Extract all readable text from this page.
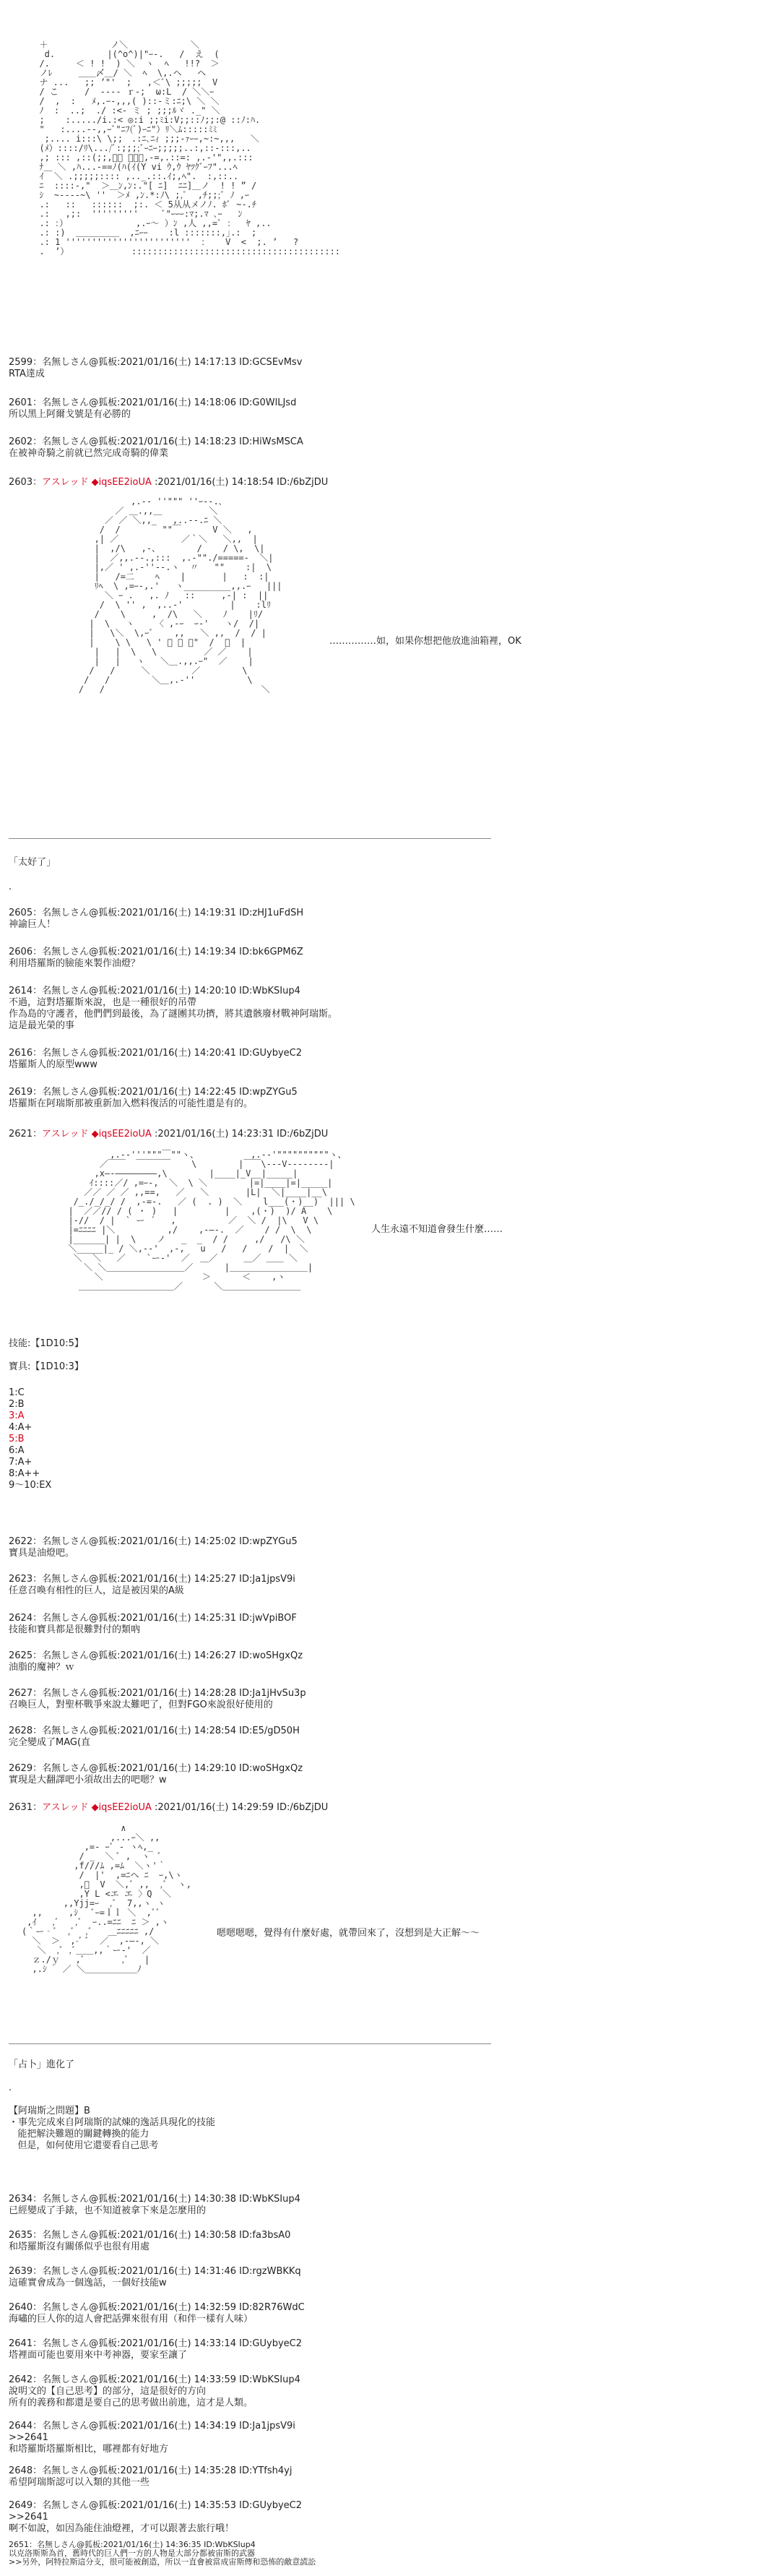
＋            ノ＼            ＼
d.          |(^o^)|"ｰ-.   /  え  (
/.     ＜ ! !  ) ＼  ヽ  ﾍ   !!?  ＞
ノﾚ     ＿＿〆＿/ ＼  ﾍ  \,.ヘ   ヘ
ナ ...   ;; ’"'  ;   ,＜ﾞ\ ;;;;;  V
/ こ     /  ---- ｒ-;  ω:L  / ＼＼ｰ
/  ,  :   ﾒ,.ｰ-,,,( )::-ミ:ﾆ;\ ＼ ＼
ﾉ  :  ..;  ./ :<- ミ ; ;;;ﾙヾ ._" ＼
;    :...../i.:< ◎:i ;;ﾐi:V;;::ﾉ;;:@ ::ﾉ:ﾊ.
"   :....--,,ｰﾞ"ﾆﾌ(ﾞ)ｰﾆ"）ﾘ＼ﾑ:::::ﾐﾐ
;.... i:::\ \;;　.:ﾆ､ﾆｨ ;;;-ｧｰｰ,~:~,,,   ＼
(ﾒ）::::/ﾘ\.../ﾞ:;;;;ﾞｰﾆｰ;;;;;..:,::-:::,..
,; ::: ,::(;;,ﾞﾞ ＿ﾞﾞ,-=,.::=: ,.‐'",,.:::
ﾅ＿ ＼ ,ﾊ...-==ﾉ(ﾊ(ｲ(Y vi ｳ,ｳ ﾔﾂｸﾞｰﾌ"...ﾍ
ｲ  ＼ .;;;;;:::: ,.._.::.ｲ;,ﾍ".  :,::..
ﾆ  ::::-,"  ＞＿ﾝ,ﾝ:."[ ﾆ]  ﾆﾆ]＿ノ  ! ! ” /
ｼ  ~----~\ ''  ＞ﾒ ,ﾝ.*:ﾉ\ ;,ﾟ  ,ﾁ;;;ﾞ ﾉ ,ｰ
.:   ::   ::::::  ;:. ＜ 5从从メノﾉ. ﾎﾞ ~-.ﾁ
.:   ,;:  '''''''''     ﾞ"ｰｰｰ:ﾏ;.ﾏ ､ｰ   ﾝ
.: ：）             ,.ｰ～ ）ﾝ ,人 ,,=ﾞ ：  ﾔ ,..
.: :)  ＿＿＿＿＿  ,ﾆｰｰ    :l :::::::,｣.:  ;
.: 1 ''''''''''''''''''''''''  ：   V  <  ;. ’   ?
.  ’）            ::::::::::::::::::::::::::::::::::::::::
2599：名無しさん@狐板:2021/01/16(土) 14:17:13 ID:GCSEvMsv
RTA達成
2601：名無しさん@狐板:2021/01/16(土) 14:18:06 ID:G0WlLJsd
所以黑上阿爾戈號是有必勝的
2602：名無しさん@狐板:2021/01/16(土) 14:18:23 ID:HiWsMSCA
在被神奇騎之前就已然完成奇騎的偉業
2603：アスレッド ◆iqsEE2ioUA :2021/01/16(土) 14:18:54 ID:/6bZjDU
,.-‐ ''""" ''ｰ--.､
／ ＿.,,＿         ＼
／ ／ ＼,,_   ,..-‐.ﾆ ＼
/  /        ""￣      V ＼   ,
,| ／            ／｀＼   ＼,,  |
|  ,/\   ,-、       /    / \,  \|
|  ／,,.--.,:::  ,.-""./=====-  ＼|
|,／ ' ,.-''--.ヽ  〃   ""    :|  \
|   /=二    ﾍ    |       |   :  :|
ﾘﾍ  \ ,=ｰ-,.'   ヽ_________,,.ｰ   |||
＼ ｰ .   ,. ﾉ   ::     ,-| :  ||
/  \ '' ,  ,..-'         |    :lﾘ
/    \     ,  /\   ＼    ﾉ    |ﾘ/
|  \   ヽ    〈 ,-ｰ  ｰ-'   ヽ/  /|
|   \＼  \,ｰﾞ    ,,   ＼ ,,  /  / |
|    \ \   \ ' ﾞ ー ﾞ"  /  ／  |
|   |  \   \         ／ ／    |
|   |   ヽ   ＼＿.,,.ｰ"  ／    |
/   /     ＼        ／        \
/   /        ＼＿,.-''          \
/   /                              ＼
……………如，如果你想把他放進油箱裡，OK
「太好了」
.
2605：名無しさん@狐板:2021/01/16(土) 14:19:31 ID:zHJ1uFdSH
神諭巨人！
2606：名無しさん@狐板:2021/01/16(土) 14:19:34 ID:bk6GPM6Z
利用塔羅斯的臉能來製作油燈？
2614：名無しさん@狐板:2021/01/16(土) 14:20:10 ID:WbKSIup4
不過，這對塔羅斯來說，也是一種很好的吊帶
作為島的守護者，他們們到最後，為了謎團其功擠，將其遺骸廢材戰神阿瑞斯。
這是最光榮的事
2616：名無しさん@狐板:2021/01/16(土) 14:20:41 ID:GUybyeC2
塔羅斯人的原型www
2619：名無しさん@狐板:2021/01/16(土) 14:22:45 ID:wpZYGu5
塔羅斯在阿瑞斯那被重新加入燃料復活的可能性還是有的。
2621：アスレッド ◆iqsEE2ioUA :2021/01/16(土) 14:23:31 ID:/6bZjDU
,.-‐'''"""￣""ヽ、          ,.-‐'""""""""""ヽ、
／￣￣  ￣￣￣￣    \        |￣￣\---V--------|
,x―‐――――――――,\        |____|_V__|_____|
ｲ::::／/ ,=ｰ-,  ＼  \ ＼        |=|____|=|_____|
／／ ／ ／ ,,==,   ／   ＼       |L|  ＼|____|__\
/_./_/_/ /  ,-=-.   ／ (  . )  ＼    l___(・)__)  ||| \
|  ／／// / ( ・ )   |         |    ,(・)  )/ A    \
|-//  / |  ` ー ´   ,          ／  ＼ /  |\   V \
|=ﾆﾆﾆﾆ |＼          ,/    ,-―-.  ／    / /  \  \
|______| |  \    ノ   _  _  / /     ,/   /\ ＼
＼_____|_ / ＼,-‐'  ,-,   u   /   /    /  |  ＼
＼  ＼   ／    `ー‐'  ／  ＿／     ＿／ ＿＿ ＼
＼ ＼＿＿＿＿＿＿＿＿＿／      |＿＿＿＿＿＿＿＿＿|
＼                   ＞      ＜    ,ヽ
＿＿＿＿＿＿＿＿＿＿＿／      ＼＿＿＿＿＿＿＿＿＿
人生永遠不知道會發生什麼……
技能:【1D10:5】
寶具:【1D10:3】
1:C
2:B
3:A
4:A+
5:B
6:A
7:A+
8:A++
9～10:EX
2622：名無しさん@狐板:2021/01/16(土) 14:25:02 ID:wpZYGu5
寶具是油燈吧。
2623：名無しさん@狐板:2021/01/16(土) 14:25:27 ID:Ja1jpsV9i
任意召喚有相性的巨人，這是被因果的A級
2624：名無しさん@狐板:2021/01/16(土) 14:25:31 ID:jwVpiBOF
技能和寶具都是很難對付的類吶
2625：名無しさん@狐板:2021/01/16(土) 14:26:27 ID:woSHgxQz
油脂的魔神？ｗ
2627：名無しさん@狐板:2021/01/16(土) 14:28:28 ID:Ja1jHvSu3p
召喚巨人，對聖杯戰爭來說太難吧了，但對FGO來說很好使用的
2628：名無しさん@狐板:2021/01/16(土) 14:28:54 ID:E5/gD50H
完全變成了MAG(直
2629：名無しさん@狐板:2021/01/16(土) 14:29:10 ID:woSHgxQz
實現是大翻譯吧小須故出去的吧嗯？w
2631：アスレッド ◆iqsEE2ioUA :2021/01/16(土) 14:29:59 ID:/6bZjDU
∧
,...ｰ＼ ,,
,=- ｰﾞ ‐ ヽﾍ,_
/ _  ＼ ﾞ ,  ヽ  ﾞ
,f///ﾑ ,=ﾑ  ＼ヽ'｀
/  |'  ,=ﾆヘ ﾆ  ｰ,\ヽ
,ﾞ  V  ＼,ﾞ ,,  ,ﾞ  ヽ,
,Y L <エ エ 〉Q  ＼
,,Yjj=ｰ  ,ﾞ  7,,ヽ ヽ
,,     ,ｼ   ﾞｰ=ｌｌ ＼  ,ﾞﾞ
,ｲ   ,ﾞ   ,ﾞ  ｰ..=ﾆﾆ  ﾆ ＞ ,ヽ
(｀ー‐ﾞ  ,ﾞ  ,ﾞ   ＿ﾆﾆﾆﾆﾆ ,/
＼  ＞  ,-ﾞ ﾞ  ／  ,-―-, ＼
＼  ,ﾞ ,ﾞ＿＿,,｀ー‐'  ／
ｚ./ｙ   ,ﾞ       ,ﾞ   |
,.ｼ   ／ ＼＿＿＿＿＿＿ﾉ
嗯嗯嗯嗯，覺得有什麼好處，就帶回來了，沒想到是大正解～～
「占卜」進化了
.
【阿瑞斯之問題】B
・事先完成來自阿瑞斯的試煉的逸話具現化的技能
能把解決難題的關鍵轉換的能力
但是，如何使用它還要看自己思考
2634：名無しさん@狐板:2021/01/16(土) 14:30:38 ID:WbKSIup4
已經變成了手錶，也不知道被拿下來是怎麼用的
2635：名無しさん@狐板:2021/01/16(土) 14:30:58 ID:fa3bsA0
和塔羅斯沒有關係似乎也很有用處
2639：名無しさん@狐板:2021/01/16(土) 14:31:46 ID:rgzWBKKq
這確實會成為一個逸話，一個好技能w
2640：名無しさん@狐板:2021/01/16(土) 14:32:59 ID:82R76WdC
海嘯的巨人你的這人會把話彈來很有用（和伴一樣有人味）
2641：名無しさん@狐板:2021/01/16(土) 14:33:14 ID:GUybyeC2
塔裡面可能也要用來中考神器，要家至讓了
2642：名無しさん@狐板:2021/01/16(土) 14:33:59 ID:WbKSIup4
說明文的【自己思考】的部分，這是很好的方向
所有的義務和都還是要自己的思考做出前進，這才是人類。
2644：名無しさん@狐板:2021/01/16(土) 14:34:19 ID:Ja1jpsV9i
>>2641
和塔羅斯塔羅斯相比，哪裡都有好地方
2648：名無しさん@狐板:2021/01/16(土) 14:35:28 ID:YTfsh4yj
希望阿瑞斯認可以入類的其他一些
2649：名無しさん@狐板:2021/01/16(土) 14:35:53 ID:GUybyeC2
>>2641
啊不如說，如因為能住油燈裡，才可以跟著去旅行哦！
2651：名無しさん@狐板:2021/01/16(土) 14:36:35 ID:WbKSIup4
以克洛斯斯為首，舊時代的巨人們一方的人物是大部分都被宙斯的武器
>>另外，阿特拉斯這分支，很可能被創造，所以一直會被當成宙斯傳和恐怖的敵意謊訟
